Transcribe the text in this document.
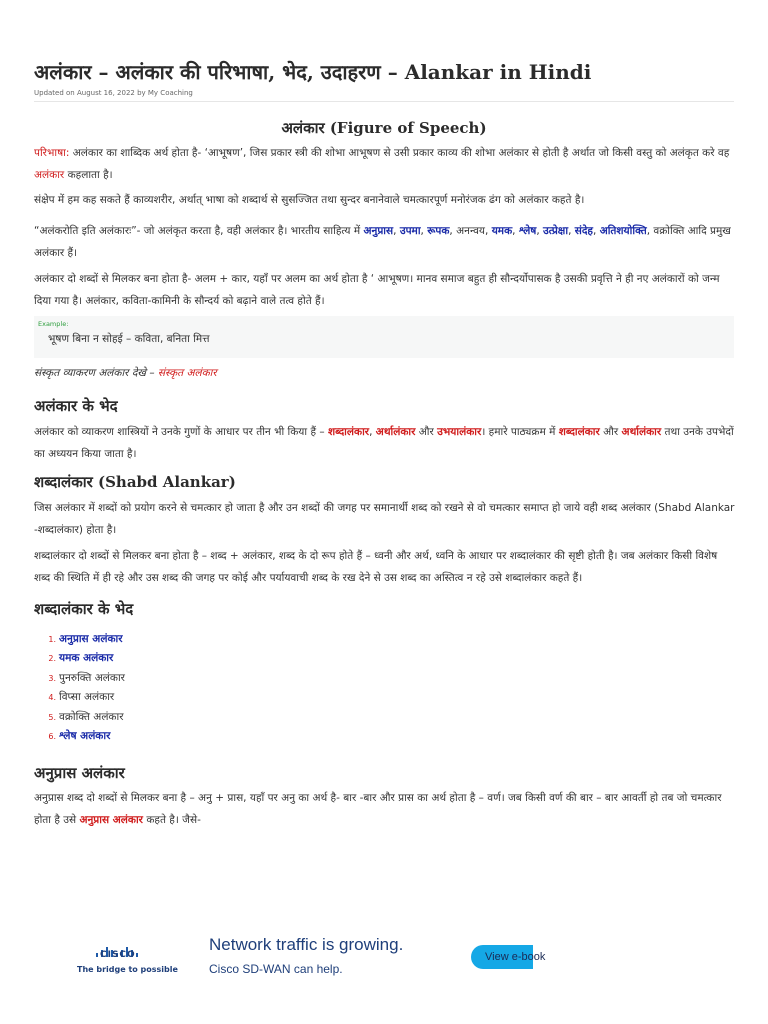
अलंकार – अलंकार की परिभाषा, भेद, उदाहरण – Alankar in Hindi
Updated on August 16, 2022 by My Coaching
अलंकार (Figure of Speech)
परिभाषा: अलंकार का शाब्दिक अर्थ होता है- ‘आभूषण’, जिस प्रकार स्त्री की शोभा आभूषण से उसी प्रकार काव्य की शोभा अलंकार से होती है अर्थात जो किसी वस्तु को अलंकृत करे वह अलंकार कहलाता है।
संक्षेप में हम कह सकते हैं काव्यशरीर, अर्थात् भाषा को शब्दार्थ से सुसज्जित तथा सुन्दर बनानेवाले चमत्कारपूर्ण मनोरंजक ढंग को अलंकार कहते है।
“अलंकरोति इति अलंकारः”- जो अलंकृत करता है, वही अलंकार है। भारतीय साहित्य में अनुप्रास, उपमा, रूपक, अनन्वय, यमक, श्लेष, उत्प्रेक्षा, संदेह, अतिशयोक्ति, वक्रोक्ति आदि प्रमुख अलंकार हैं।
अलंकार दो शब्दों से मिलकर बना होता है- अलम + कार, यहाँ पर अलम का अर्थ होता है ‘ आभूषण। मानव समाज बहुत ही सौन्दर्योपासक है उसकी प्रवृत्ति ने ही नए अलंकारों को जन्म दिया गया है। अलंकार, कविता-कामिनी के सौन्दर्य को बढ़ाने वाले तत्व होते हैं।
Example:
भूषण बिना न सोहई – कविता, बनिता मित्त
संस्कृत व्याकरण अलंकार देखे – संस्कृत अलंकार
अलंकार के भेद
अलंकार को व्याकरण शास्त्रियों ने उनके गुणों के आधार पर तीन भी किया हैं – शब्दालंकार, अर्थालंकार और उभयालंकार। हमारे पाठ्यक्रम में शब्दालंकार और अर्थालंकार तथा उनके उपभेदों का अध्ययन किया जाता है।
शब्दालंकार (Shabd Alankar)
जिस अलंकार में शब्दों को प्रयोग करने से चमत्कार हो जाता है और उन शब्दों की जगह पर समानार्थी शब्द को रखने से वो चमत्कार समाप्त हो जाये वही शब्द अलंकार (Shabd Alankar -शब्दालंकार) होता है।
शब्दालंकार दो शब्दों से मिलकर बना होता है – शब्द + अलंकार, शब्द के दो रूप होते हैं – ध्वनी और अर्थ, ध्वनि के आधार पर शब्दालंकार की सृष्टी होती है। जब अलंकार किसी विशेष शब्द की स्थिति में ही रहे और उस शब्द की जगह पर कोई और पर्यायवाची शब्द के रख देने से उस शब्द का अस्तित्व न रहे उसे शब्दालंकार कहते हैं।
शब्दालंकार के भेद
1. अनुप्रास अलंकार
2. यमक अलंकार
3. पुनरुक्ति अलंकार
4. विप्सा अलंकार
5. वक्रोक्ति अलंकार
6. श्लेष अलंकार
अनुप्रास अलंकार
अनुप्रास शब्द दो शब्दों से मिलकर बना है – अनु + प्रास, यहाँ पर अनु का अर्थ है- बार -बार और प्रास का अर्थ होता है – वर्ण। जब किसी वर्ण की बार – बार आवर्ती हो तब जो चमत्कार होता है उसे अनुप्रास अलंकार कहते है। जैसे-
CISCO
The bridge to possible
Network traffic is growing.
Cisco SD-WAN can help.
View e-book
